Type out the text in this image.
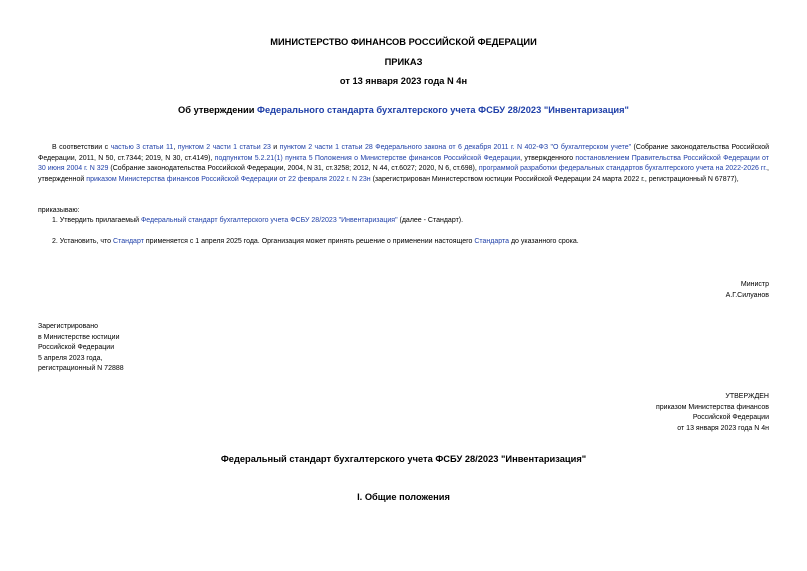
МИНИСТЕРСТВО ФИНАНСОВ РОССИЙСКОЙ ФЕДЕРАЦИИ
ПРИКАЗ
от 13 января 2023 года N 4н
Об утверждении Федерального стандарта бухгалтерского учета ФСБУ 28/2023 "Инвентаризация"
В соответствии с частью 3 статьи 11, пунктом 2 части 1 статьи 23 и пунктом 2 части 1 статьи 28 Федерального закона от 6 декабря 2011 г. N 402-ФЗ "О бухгалтерском учете" (Собрание законодательства Российской Федерации, 2011, N 50, ст.7344; 2019, N 30, ст.4149), подпунктом 5.2.21(1) пункта 5 Положения о Министерстве финансов Российской Федерации, утвержденного постановлением Правительства Российской Федерации от 30 июня 2004 г. N 329 (Собрание законодательства Российской Федерации, 2004, N 31, ст.3258; 2012, N 44, ст.6027; 2020, N 6, ст.698), программой разработки федеральных стандартов бухгалтерского учета на 2022-2026 гг., утвержденной приказом Министерства финансов Российской Федерации от 22 февраля 2022 г. N 23н (зарегистрирован Министерством юстиции Российской Федерации 24 марта 2022 г., регистрационный N 67877),
приказываю:
1. Утвердить прилагаемый Федеральный стандарт бухгалтерского учета ФСБУ 28/2023 "Инвентаризация" (далее - Стандарт).
2. Установить, что Стандарт применяется с 1 апреля 2025 года. Организация может принять решение о применении настоящего Стандарта до указанного срока.
Министр
А.Г.Силуанов
Зарегистрировано
в Министерстве юстиции
Российской Федерации
5 апреля 2023 года,
регистрационный N 72888
УТВЕРЖДЕН
приказом Министерства финансов
Российской Федерации
от 13 января 2023 года N 4н
Федеральный стандарт бухгалтерского учета ФСБУ 28/2023 "Инвентаризация"
I. Общие положения
